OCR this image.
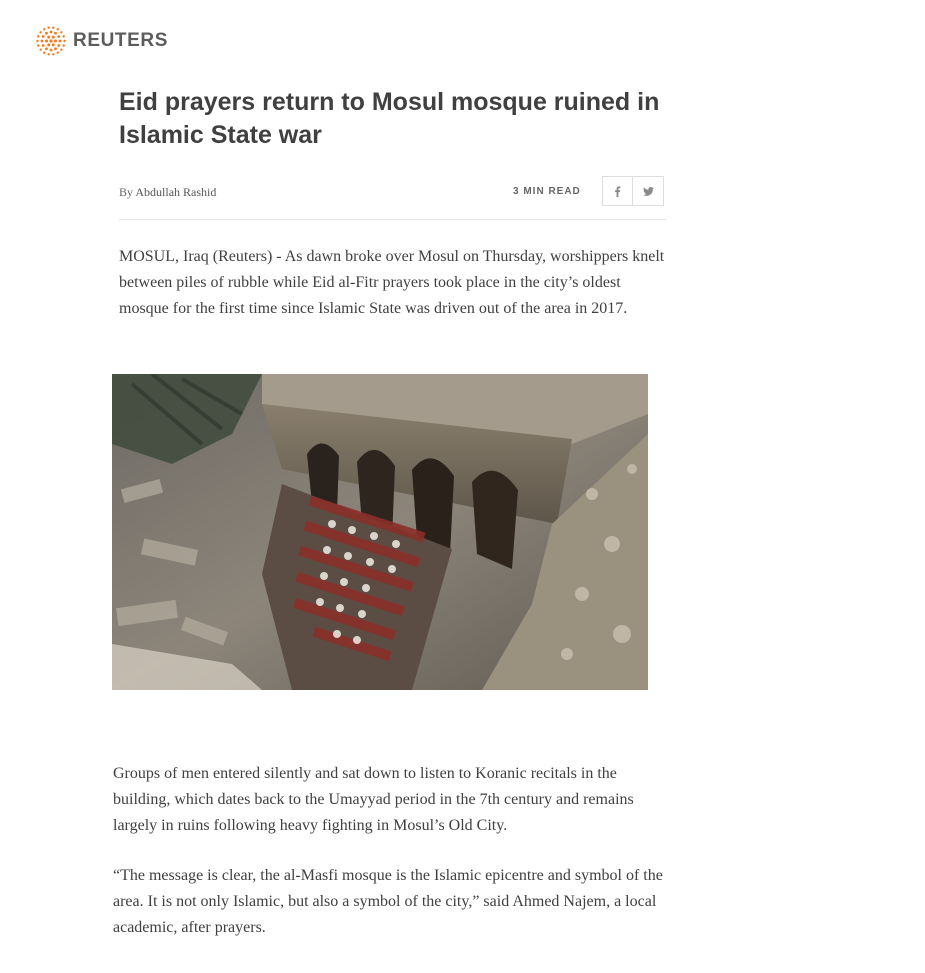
REUTERS
Eid prayers return to Mosul mosque ruined in Islamic State war
By Abdullah Rashid	3 MIN READ

MOSUL, Iraq (Reuters) - As dawn broke over Mosul on Thursday, worshippers knelt between piles of rubble while Eid al-Fitr prayers took place in the city’s oldest mosque for the first time since Islamic State was driven out of the area in 2017.

Groups of men entered silently and sat down to listen to Koranic recitals in the building, which dates back to the Umayyad period in the 7th century and remains largely in ruins following heavy fighting in Mosul’s Old City.

“The message is clear, the al-Masfi mosque is the Islamic epicentre and symbol of the area. It is not only Islamic, but also a symbol of the city,” said Ahmed Najem, a local academic, after prayers.
